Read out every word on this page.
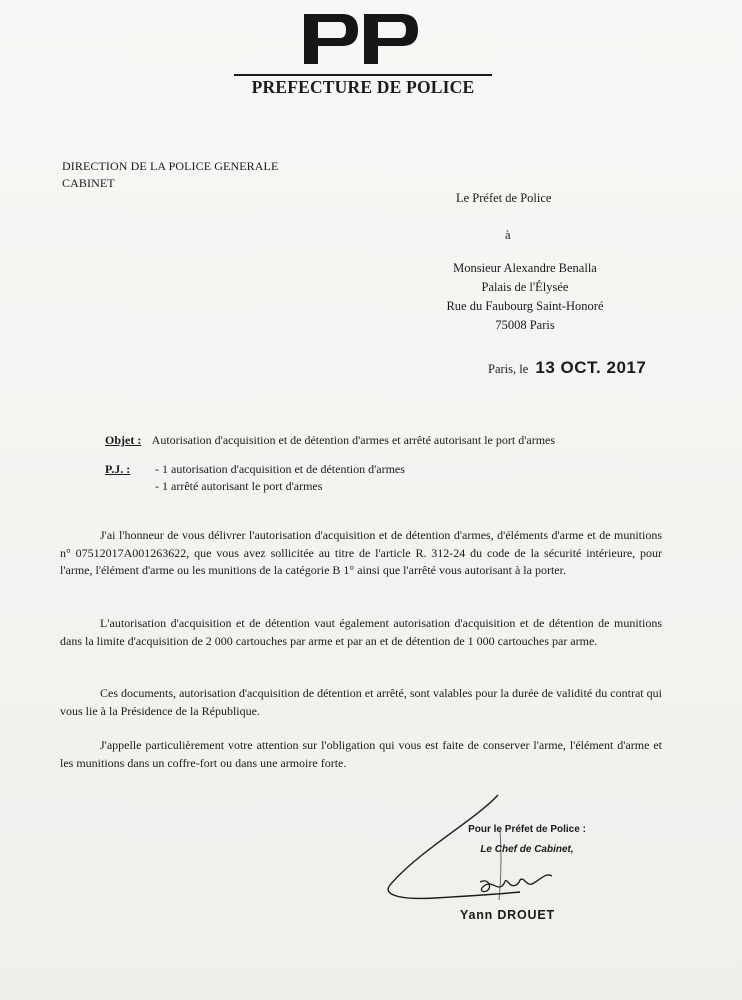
PREFECTURE DE POLICE
DIRECTION DE LA POLICE GENERALE
CABINET
Le Préfet de Police
à
Monsieur Alexandre Benalla
Palais de l'Élysée
Rue du Faubourg Saint-Honoré
75008 Paris
Paris, le 13 OCT. 2017
Objet : Autorisation d'acquisition et de détention d'armes et arrêté autorisant le port d'armes
P.J. : - 1 autorisation d'acquisition et de détention d'armes
- 1 arrêté autorisant le port d'armes

J'ai l'honneur de vous délivrer l'autorisation d'acquisition et de détention d'armes, d'éléments d'arme et de munitions n° 07512017A001263622, que vous avez sollicitée au titre de l'article R. 312-24 du code de la sécurité intérieure, pour l'arme, l'élément d'arme ou les munitions de la catégorie B 1° ainsi que l'arrêté vous autorisant à la porter.

L'autorisation d'acquisition et de détention vaut également autorisation d'acquisition et de détention de munitions dans la limite d'acquisition de 2 000 cartouches par arme et par an et de détention de 1 000 cartouches par arme.

Ces documents, autorisation d'acquisition de détention et arrêté, sont valables pour la durée de validité du contrat qui vous lie à la Présidence de la République.

J'appelle particulièrement votre attention sur l'obligation qui vous est faite de conserver l'arme, l'élément d'arme et les munitions dans un coffre-fort ou dans une armoire forte.

Pour le Préfet de Police :
Le Chef de Cabinet,
Yann DROUET
